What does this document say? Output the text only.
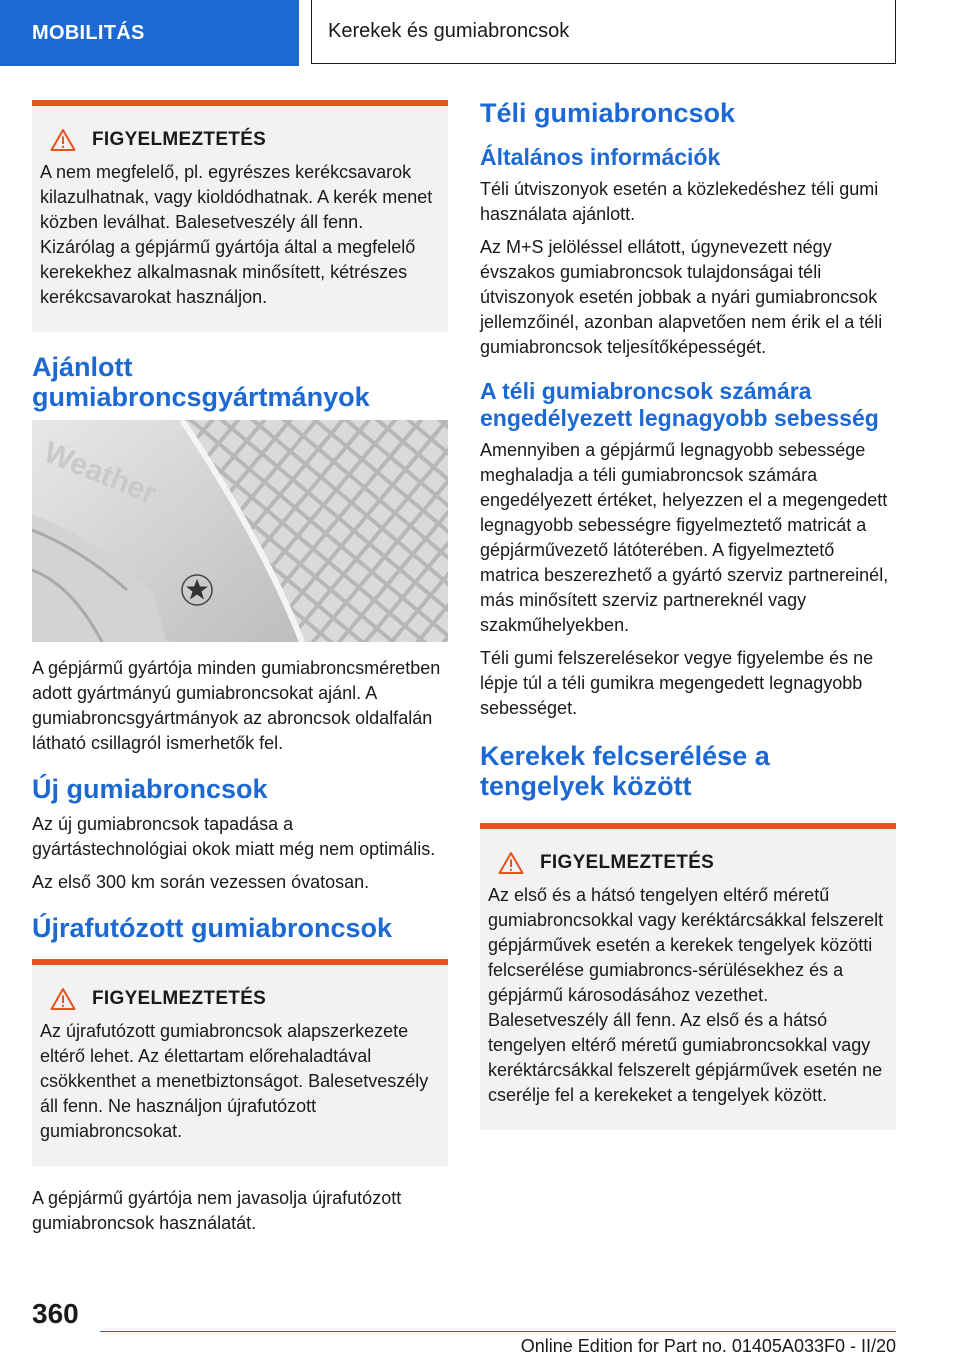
MOBILITÁS	Kerekek és gumiabroncsok
FIGYELMEZTETÉS
A nem megfelelő, pl. egyrészes kerékcsavarok kilazulhatnak, vagy kioldódhatnak. A kerék menet közben leválhat. Balesetveszély áll fenn. Kizárólag a gépjármű gyártója által a megfelelő kerekekhez alkalmasnak minősített, kétrészes kerékcsavarokat használjon.
Ajánlott gumiabroncsgyártmányok
Weather

A gépjármű gyártója minden gumiabroncsméretben adott gyártmányú gumiabroncsokat ajánl. A gumiabroncsgyártmányok az abroncsok oldalfalán látható csillagról ismerhetők fel.

Új gumiabroncsok

Az új gumiabroncsok tapadása a gyártástechnológiai okok miatt még nem optimális.

Az első 300 km során vezessen óvatosan.

Újrafutózott gumiabroncsok
FIGYELMEZTETÉS
Az újrafutózott gumiabroncsok alapszerkezete eltérő lehet. Az élettartam előrehaladtával csökkenthet a menetbiztonságot. Balesetveszély áll fenn. Ne használjon újrafutózott gumiabroncsokat.

A gépjármű gyártója nem javasolja újrafutózott gumiabroncsok használatát.

Téli gumiabroncsok
Általános információk

Téli útviszonyok esetén a közlekedéshez téli gumi használata ajánlott.

Az M+S jelöléssel ellátott, úgynevezett négy évszakos gumiabroncsok tulajdonságai téli útviszonyok esetén jobbak a nyári gumiabroncsok jellemzőinél, azonban alapvetően nem érik el a téli gumiabroncsok teljesítőképességét.

A téli gumiabroncsok számára engedélyezett legnagyobb sebesség

Amennyiben a gépjármű legnagyobb sebessége meghaladja a téli gumiabroncsok számára engedélyezett értéket, helyezzen el a megengedett legnagyobb sebességre figyelmeztető matricát a gépjárművezető látóterében. A figyelmeztető matrica beszerezhető a gyártó szerviz partnereinél, más minősített szerviz partnereknél vagy szakműhelyekben.

Téli gumi felszerelésekor vegye figyelembe és ne lépje túl a téli gumikra megengedett legnagyobb sebességet.

Kerekek felcserélése a tengelyek között
FIGYELMEZTETÉS
Az első és a hátsó tengelyen eltérő méretű gumiabroncsokkal vagy keréktárcsákkal felszerelt gépjárművek esetén a kerekek tengelyek közötti felcserélése gumiabroncs-sérülésekhez és a gépjármű károsodásához vezethet. Balesetveszély áll fenn. Az első és a hátsó tengelyen eltérő méretű gumiabroncsokkal vagy keréktárcsákkal felszerelt gépjárművek esetén ne cserélje fel a kerekeket a tengelyek között.
360
Online Edition for Part no. 01405A033F0 - II/20
